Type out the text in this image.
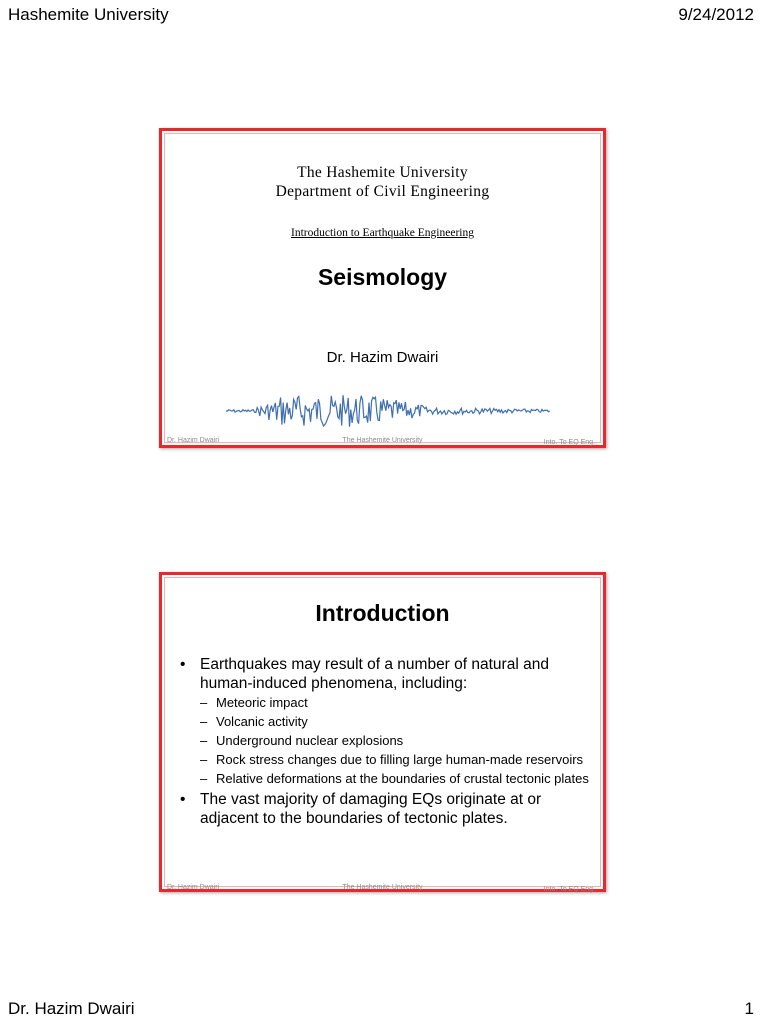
Hashemite University	9/24/2012
The Hashemite University
Department of Civil Engineering
Introduction to Earthquake Engineering
Seismology
Dr. Hazim Dwairi
Dr. Hazim Dwairi	The Hashemite University	Into. To EQ Eng.
Introduction
• Earthquakes may result of a number of natural and human-induced phenomena, including:
– Meteoric impact
– Volcanic activity
– Underground nuclear explosions
– Rock stress changes due to filling large human-made reservoirs
– Relative deformations at the boundaries of crustal tectonic plates
• The vast majority of damaging EQs originate at or adjacent to the boundaries of tectonic plates.
Dr. Hazim Dwairi	The Hashemite University	Into. To EQ Eng.
Dr. Hazim Dwairi	1
